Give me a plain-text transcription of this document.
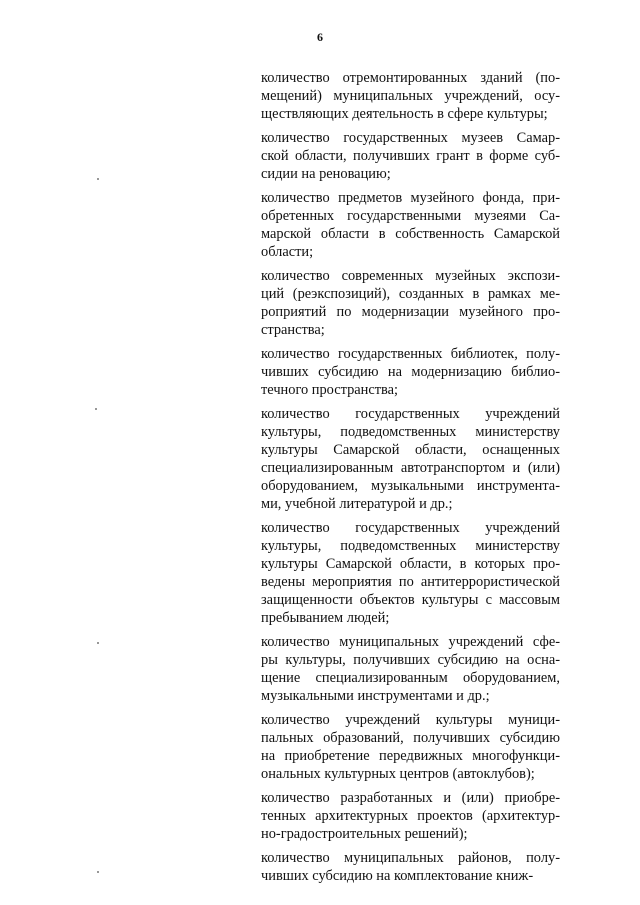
6
количество отремонтированных зданий (по-
мещений) муниципальных учреждений, осу-
ществляющих деятельность в сфере культуры;
количество государственных музеев Самар-
ской области, получивших грант в форме суб-
сидии на реновацию;
количество предметов музейного фонда, при-
обретенных государственными музеями Са-
марской области в собственность Самарской
области;
количество современных музейных экспози-
ций (реэкспозиций), созданных в рамках ме-
роприятий по модернизации музейного про-
странства;
количество государственных библиотек, полу-
чивших субсидию на модернизацию библио-
течного пространства;
количество государственных учреждений
культуры, подведомственных министерству
культуры Самарской области, оснащенных
специализированным автотранспортом и (или)
оборудованием, музыкальными инструмента-
ми, учебной литературой и др.;
количество государственных учреждений
культуры, подведомственных министерству
культуры Самарской области, в которых про-
ведены мероприятия по антитеррористической
защищенности объектов культуры с массовым
пребыванием людей;
количество муниципальных учреждений сфе-
ры культуры, получивших субсидию на осна-
щение специализированным оборудованием,
музыкальными инструментами и др.;
количество учреждений культуры муници-
пальных образований, получивших субсидию
на приобретение передвижных многофункци-
ональных культурных центров (автоклубов);
количество разработанных и (или) приобре-
тенных архитектурных проектов (архитектур-
но-градостроительных решений);
количество муниципальных районов, полу-
чивших субсидию на комплектование книж-
